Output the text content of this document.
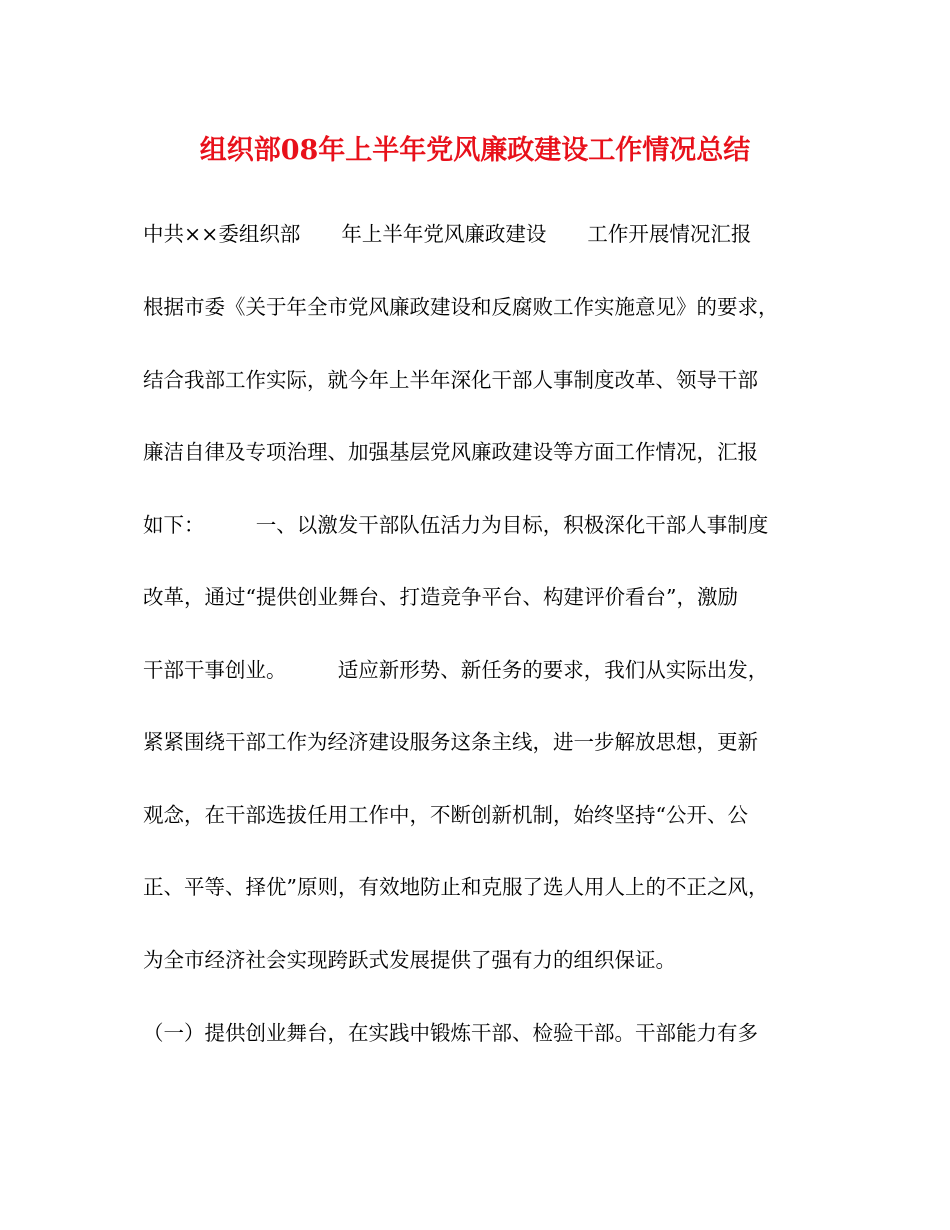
组织部08年上半年党风廉政建设工作情况总结
中共××委组织部　　年上半年党风廉政建设　　工作开展情况汇报
根据市委《关于年全市党风廉政建设和反腐败工作实施意见》的要求，
结合我部工作实际，就今年上半年深化干部人事制度改革、领导干部
廉洁自律及专项治理、加强基层党风廉政建设等方面工作情况，汇报
如下：　　　一、以激发干部队伍活力为目标，积极深化干部人事制度
改革，通过“提供创业舞台、打造竞争平台、构建评价看台”，激励
干部干事创业。　　　适应新形势、新任务的要求，我们从实际出发，
紧紧围绕干部工作为经济建设服务这条主线，进一步解放思想，更新
观念，在干部选拔任用工作中，不断创新机制，始终坚持“公开、公
正、平等、择优”原则，有效地防止和克服了选人用人上的不正之风，
为全市经济社会实现跨跃式发展提供了强有力的组织保证。
（一）提供创业舞台，在实践中锻炼干部、检验干部。干部能力有多
